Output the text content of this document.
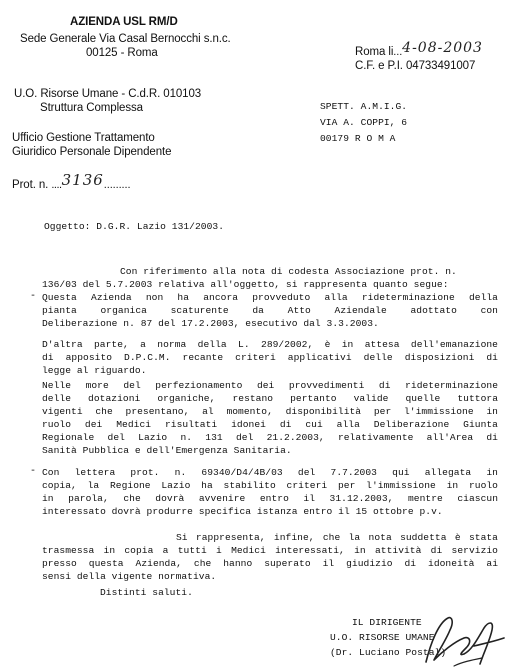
AZIENDA USL RM/D
Sede Generale Via Casal Bernocchi s.n.c.
00125 - Roma
U.O. Risorse Umane - C.d.R. 010103
Struttura Complessa
Ufficio Gestione Trattamento
Giuridico Personale Dipendente
Prot. n. ....3136.........
Roma li...4-08-2003
C.F. e P.I. 04733491007
SPETT. A.M.I.G.
VIA A. COPPI, 6
00179 R O M A
Oggetto: D.G.R. Lazio 131/2003.
Con riferimento alla nota di codesta Associazione prot. n.
136/03 del 5.7.2003 relativa all'oggetto, si rappresenta quanto segue:
- Questa Azienda non ha ancora provveduto alla rideterminazione della
pianta organica scaturente da Atto Aziendale adottato con
Deliberazione n. 87 del 17.2.2003, esecutivo dal 3.3.2003.
D'altra parte, a norma della L. 289/2002, è in attesa dell'emanazione
di apposito D.P.C.M. recante criteri applicativi delle disposizioni di
legge al riguardo.
Nelle more del perfezionamento dei provvedimenti di rideterminazione
delle dotazioni organiche, restano pertanto valide quelle tuttora
vigenti che presentano, al momento, disponibilità per l'immissione in
ruolo dei Medici risultati idonei di cui alla Deliberazione Giunta
Regionale del Lazio n. 131 del 21.2.2003, relativamente all'Area di
Sanità Pubblica e dell'Emergenza Sanitaria.
- Con lettera prot. n. 69340/D4/4B/03 del 7.7.2003 qui allegata in
copia, la Regione Lazio ha stabilito criteri per l'immissione in ruolo
in parola, che dovrà avvenire entro il 31.12.2003, mentre ciascun
interessato dovrà produrre specifica istanza entro il 15 ottobre p.v.
Si rappresenta, infine, che la nota suddetta è stata
trasmessa in copia a tutti i Medici interessati, in attività di servizio
presso questa Azienda, che hanno superato il giudizio di idoneità ai
sensi della vigente normativa.
Distinti saluti.
IL DIRIGENTE
U.O. RISORSE UMANE
(Dr. Luciano Postal)
